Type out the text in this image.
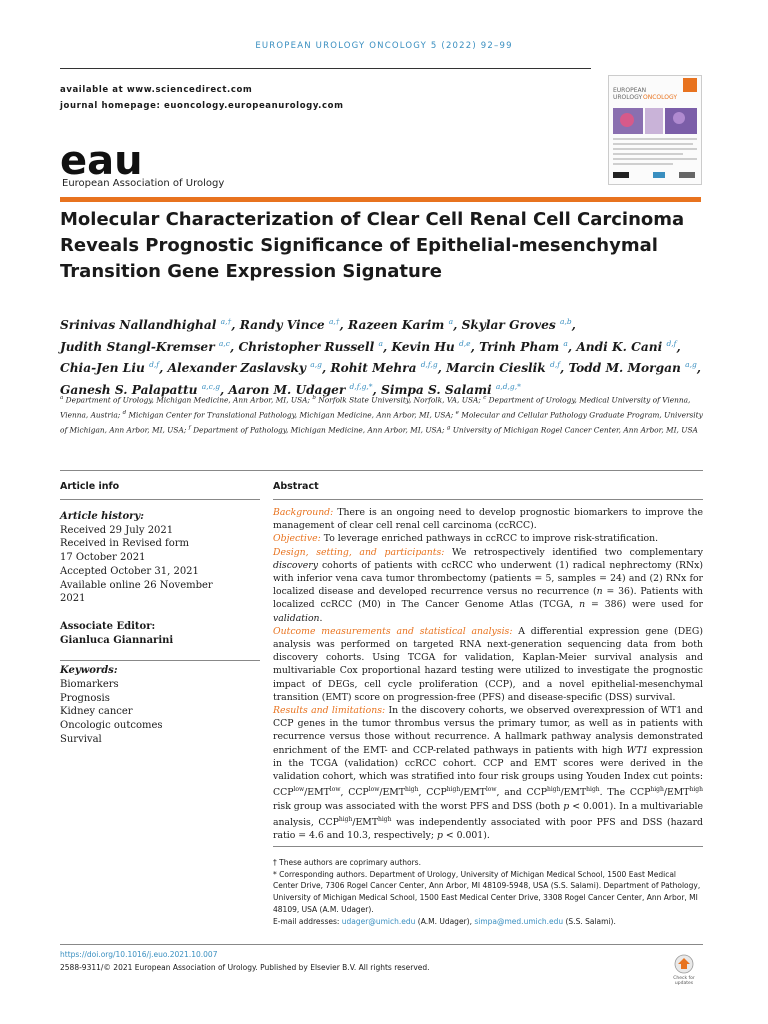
EUROPEAN UROLOGY ONCOLOGY 5 (2022) 92–99
available at www.sciencedirect.com
journal homepage: euoncology.europeanurology.com
eau
European Association of Urology
EUROPEAN
UROLOGY ONCOLOGY
Molecular Characterization of Clear Cell Renal Cell Carcinoma
Reveals Prognostic Significance of Epithelial-mesenchymal
Transition Gene Expression Signature
Srinivas Nallandhighal $^{a,\dagger}$, Randy Vince $^{a,\dagger}$, Razeen Karim $^a$, Skylar Groves $^{a,b}$,
Judith Stangl-Kremser $^{a,c}$, Christopher Russell $^a$, Kevin Hu $^{d,e}$, Trinh Pham $^a$, Andi K. Cani $^{d,f}$,
Chia-Jen Liu $^{d,f}$, Alexander Zaslavsky $^{a,g}$, Rohit Mehra $^{d,f,g}$, Marcin Cieslik $^{d,f}$, Todd M. Morgan $^{a,g}$,
Ganesh S. Palapattu $^{a,c,g}$, Aaron M. Udager $^{d,f,g,*}$, Simpa S. Salami $^{a,d,g,*}$
$^a$ Department of Urology, Michigan Medicine, Ann Arbor, MI, USA; $^b$ Norfolk State University, Norfolk, VA, USA; $^c$ Department of Urology, Medical University of Vienna, Vienna, Austria; $^d$ Michigan Center for Translational Pathology, Michigan Medicine, Ann Arbor, MI, USA; $^e$ Molecular and Cellular Pathology Graduate Program, University of Michigan, Ann Arbor, MI, USA; $^f$ Department of Pathology, Michigan Medicine, Ann Arbor, MI, USA; $^g$ University of Michigan Rogel Cancer Center, Ann Arbor, MI, USA
Article info	Abstract
Article history:
Received 29 July 2021
Received in Revised form
17 October 2021
Accepted October 31, 2021
Available online 26 November
2021
Associate Editor:
Gianluca Giannarini
Keywords:
Biomarkers
Prognosis
Kidney cancer
Oncologic outcomes
Survival
Background: There is an ongoing need to develop prognostic biomarkers to improve the management of clear cell renal cell carcinoma (ccRCC).
Objective: To leverage enriched pathways in ccRCC to improve risk-stratification.
Design, setting, and participants: We retrospectively identified two complementary discovery cohorts of patients with ccRCC who underwent (1) radical nephrectomy (RNx) with inferior vena cava tumor thrombectomy (patients = 5, samples = 24) and (2) RNx for localized disease and developed recurrence versus no recurrence (n = 36). Patients with localized ccRCC (M0) in The Cancer Genome Atlas (TCGA, n = 386) were used for validation.
Outcome measurements and statistical analysis: A differential expression gene (DEG) analysis was performed on targeted RNA next-generation sequencing data from both discovery cohorts. Using TCGA for validation, Kaplan-Meier survival analysis and multivariable Cox proportional hazard testing were utilized to investigate the prognostic impact of DEGs, cell cycle proliferation (CCP), and a novel epithelial-mesenchymal transition (EMT) score on progression-free (PFS) and disease-specific (DSS) survival.
Results and limitations: In the discovery cohorts, we observed overexpression of WT1 and CCP genes in the tumor thrombus versus the primary tumor, as well as in patients with recurrence versus those without recurrence. A hallmark pathway analysis demonstrated enrichment of the EMT- and CCP-related pathways in patients with high WT1 expression in the TCGA (validation) ccRCC cohort. CCP and EMT scores were derived in the validation cohort, which was stratified into four risk groups using Youden Index cut points: $CCP^{low}/EMT^{low}$, $CCP^{low}/EMT^{high}$, $CCP^{high}/EMT^{low}$, and $CCP^{high}/EMT^{high}$. The $CCP^{high}/EMT^{high}$ risk group was associated with the worst PFS and DSS (both p < 0.001). In a multivariable analysis, $CCP^{high}/EMT^{high}$ was independently associated with poor PFS and DSS (hazard ratio = 4.6 and 10.3, respectively; p < 0.001).
† These authors are coprimary authors.
* Corresponding authors. Department of Urology, University of Michigan Medical School, 1500 East Medical Center Drive, 7306 Rogel Cancer Center, Ann Arbor, MI 48109-5948, USA (S.S. Salami). Department of Pathology, University of Michigan Medical School, 1500 East Medical Center Drive, 3308 Rogel Cancer Center, Ann Arbor, MI 48109, USA (A.M. Udager).
E-mail addresses: udager@umich.edu (A.M. Udager), simpa@med.umich.edu (S.S. Salami).
https://doi.org/10.1016/j.euo.2021.10.007
2588-9311/© 2021 European Association of Urology. Published by Elsevier B.V. All rights reserved.
Check for
updates
